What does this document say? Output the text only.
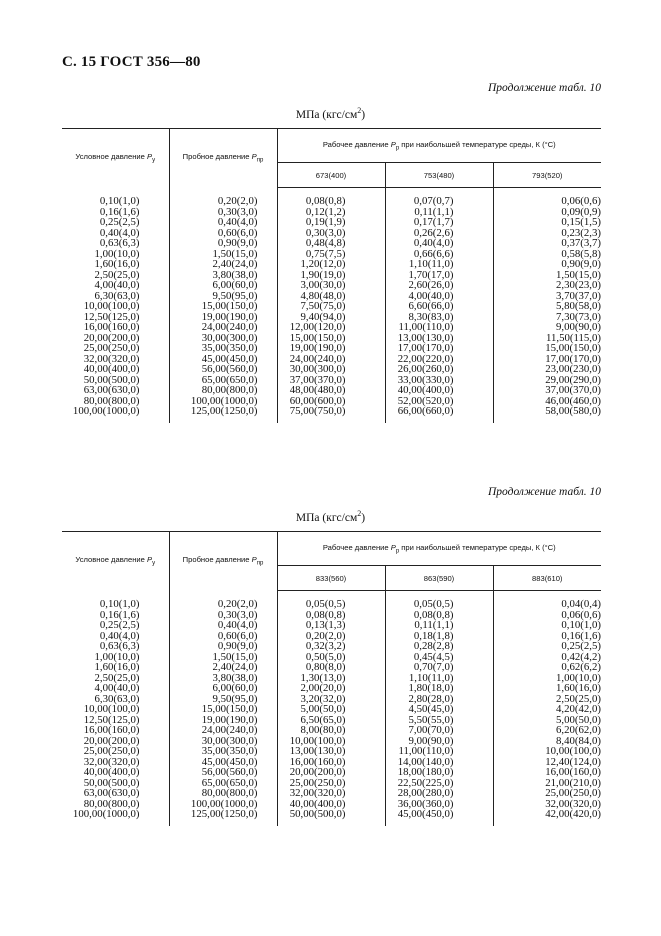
С. 15 ГОСТ 356—80
Продолжение табл. 10
МПа $(кгс/см^2)$
Условное давление $P_у$	Пробное давление $P_{пр}$	Рабочее давление $P_р$ при наибольшей температуре среды, К (°С)		
		673(400)	753(480)	793(520)

0,10(1,0)	0,20(2,0)	0,08(0,8)	0,07(0,7)	0,06(0,6)
0,16(1,6)	0,30(3,0)	0,12(1,2)	0,11(1,1)	0,09(0,9)
0,25(2,5)	0,40(4,0)	0,19(1,9)	0,17(1,7)	0,15(1,5)
0,40(4,0)	0,60(6,0)	0,30(3,0)	0,26(2,6)	0,23(2,3)
0,63(6,3)	0,90(9,0)	0,48(4,8)	0,40(4,0)	0,37(3,7)
1,00(10,0)	1,50(15,0)	0,75(7,5)	0,66(6,6)	0,58(5,8)
1,60(16,0)	2,40(24,0)	1,20(12,0)	1,10(11,0)	0,90(9,0)
2,50(25,0)	3,80(38,0)	1,90(19,0)	1,70(17,0)	1,50(15,0)
4,00(40,0)	6,00(60,0)	3,00(30,0)	2,60(26,0)	2,30(23,0)
6,30(63,0)	9,50(95,0)	4,80(48,0)	4,00(40,0)	3,70(37,0)
10,00(100,0)	15,00(150,0)	7,50(75,0)	6,60(66,0)	5,80(58,0)
12,50(125,0)	19,00(190,0)	9,40(94,0)	8,30(83,0)	7,30(73,0)
16,00(160,0)	24,00(240,0)	12,00(120,0)	11,00(110,0)	9,00(90,0)
20,00(200,0)	30,00(300,0)	15,00(150,0)	13,00(130,0)	11,50(115,0)
25,00(250,0)	35,00(350,0)	19,00(190,0)	17,00(170,0)	15,00(150,0)
32,00(320,0)	45,00(450,0)	24,00(240,0)	22,00(220,0)	17,00(170,0)
40,00(400,0)	56,00(560,0)	30,00(300,0)	26,00(260,0)	23,00(230,0)
50,00(500,0)	65,00(650,0)	37,00(370,0)	33,00(330,0)	29,00(290,0)
63,00(630,0)	80,00(800,0)	48,00(480,0)	40,00(400,0)	37,00(370,0)
80,00(800,0)	100,00(1000,0)	60,00(600,0)	52,00(520,0)	46,00(460,0)
100,00(1000,0)	125,00(1250,0)	75,00(750,0)	66,00(660,0)	58,00(580,0)

Продолжение табл. 10
МПа $(кгс/см^2)$
Условное давление $P_у$	Пробное давление $P_{пр}$	Рабочее давление $P_р$ при наибольшей температуре среды, К (°С)		
		833(560)	863(590)	883(610)

0,10(1,0)	0,20(2,0)	0,05(0,5)	0,05(0,5)	0,04(0,4)
0,16(1,6)	0,30(3,0)	0,08(0,8)	0,08(0,8)	0,06(0,6)
0,25(2,5)	0,40(4,0)	0,13(1,3)	0,11(1,1)	0,10(1,0)
0,40(4,0)	0,60(6,0)	0,20(2,0)	0,18(1,8)	0,16(1,6)
0,63(6,3)	0,90(9,0)	0,32(3,2)	0,28(2,8)	0,25(2,5)
1,00(10,0)	1,50(15,0)	0,50(5,0)	0,45(4,5)	0,42(4,2)
1,60(16,0)	2,40(24,0)	0,80(8,0)	0,70(7,0)	0,62(6,2)
2,50(25,0)	3,80(38,0)	1,30(13,0)	1,10(11,0)	1,00(10,0)
4,00(40,0)	6,00(60,0)	2,00(20,0)	1,80(18,0)	1,60(16,0)
6,30(63,0)	9,50(95,0)	3,20(32,0)	2,80(28,0)	2,50(25,0)
10,00(100,0)	15,00(150,0)	5,00(50,0)	4,50(45,0)	4,20(42,0)
12,50(125,0)	19,00(190,0)	6,50(65,0)	5,50(55,0)	5,00(50,0)
16,00(160,0)	24,00(240,0)	8,00(80,0)	7,00(70,0)	6,20(62,0)
20,00(200,0)	30,00(300,0)	10,00(100,0)	9,00(90,0)	8,40(84,0)
25,00(250,0)	35,00(350,0)	13,00(130,0)	11,00(110,0)	10,00(100,0)
32,00(320,0)	45,00(450,0)	16,00(160,0)	14,00(140,0)	12,40(124,0)
40,00(400,0)	56,00(560,0)	20,00(200,0)	18,00(180,0)	16,00(160,0)
50,00(500,0)	65,00(650,0)	25,00(250,0)	22,50(225,0)	21,00(210,0)
63,00(630,0)	80,00(800,0)	32,00(320,0)	28,00(280,0)	25,00(250,0)
80,00(800,0)	100,00(1000,0)	40,00(400,0)	36,00(360,0)	32,00(320,0)
100,00(1000,0)	125,00(1250,0)	50,00(500,0)	45,00(450,0)	42,00(420,0)
